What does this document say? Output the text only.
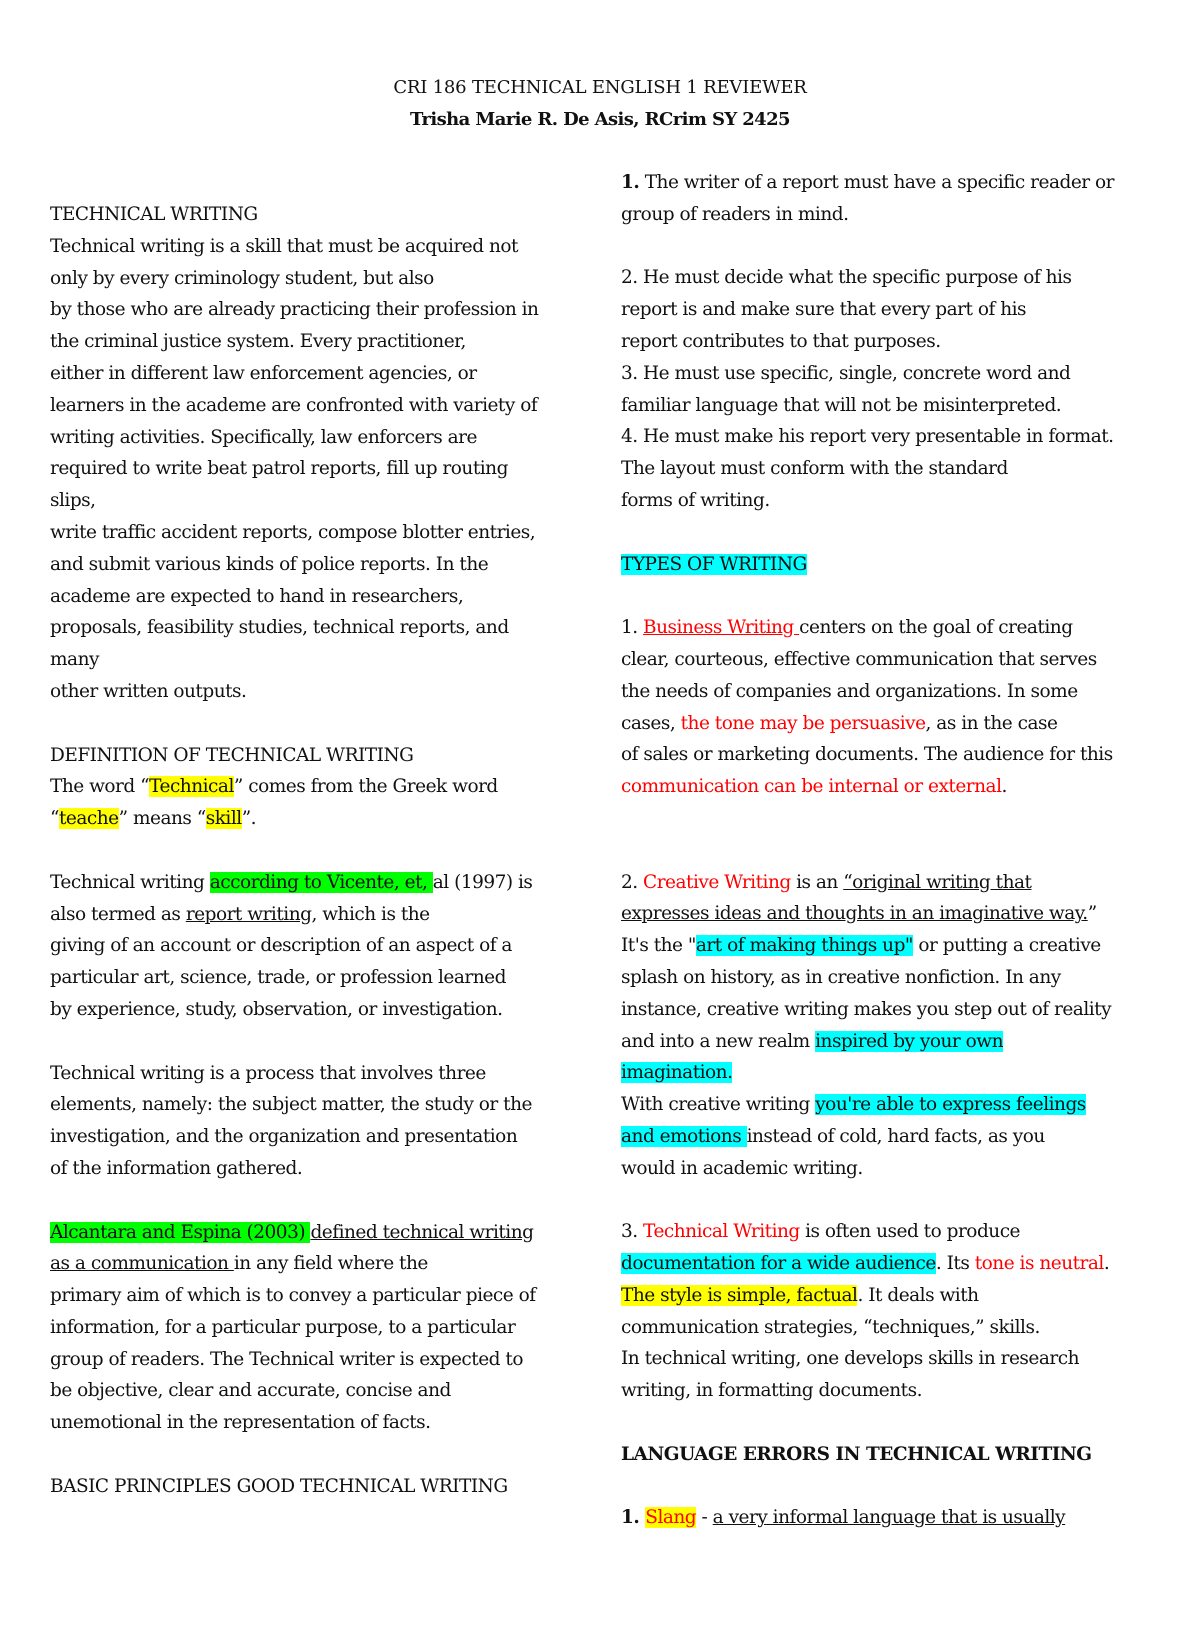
CRI 186 TECHNICAL ENGLISH 1 REVIEWER
Trisha Marie R. De Asis, RCrim SY 2425
TECHNICAL WRITING
Technical writing is a skill that must be acquired not
only by every criminology student, but also
by those who are already practicing their profession in
the criminal justice system. Every practitioner,
either in different law enforcement agencies, or
learners in the academe are confronted with variety of
writing activities. Specifically, law enforcers are
required to write beat patrol reports, fill up routing
slips,
write traffic accident reports, compose blotter entries,
and submit various kinds of police reports. In the
academe are expected to hand in researchers,
proposals, feasibility studies, technical reports, and
many
other written outputs.
DEFINITION OF TECHNICAL WRITING
The word “Technical” comes from the Greek word
“teache” means “skill”.
Technical writing according to Vicente, et, al (1997) is
also termed as report writing, which is the
giving of an account or description of an aspect of a
particular art, science, trade, or profession learned
by experience, study, observation, or investigation.
Technical writing is a process that involves three
elements, namely: the subject matter, the study or the
investigation, and the organization and presentation
of the information gathered.
Alcantara and Espina (2003) defined technical writing
as a communication in any field where the
primary aim of which is to convey a particular piece of
information, for a particular purpose, to a particular
group of readers. The Technical writer is expected to
be objective, clear and accurate, concise and
unemotional in the representation of facts.
BASIC PRINCIPLES GOOD TECHNICAL WRITING
1. The writer of a report must have a specific reader or
group of readers in mind.
2. He must decide what the specific purpose of his
report is and make sure that every part of his
report contributes to that purposes.
3. He must use specific, single, concrete word and
familiar language that will not be misinterpreted.
4. He must make his report very presentable in format.
The layout must conform with the standard
forms of writing.
TYPES OF WRITING
1. Business Writing centers on the goal of creating
clear, courteous, effective communication that serves
the needs of companies and organizations. In some
cases, the tone may be persuasive, as in the case
of sales or marketing documents. The audience for this
communication can be internal or external.
2. Creative Writing is an “original writing that
expresses ideas and thoughts in an imaginative way.”
It's the "art of making things up" or putting a creative
splash on history, as in creative nonfiction. In any
instance, creative writing makes you step out of reality
and into a new realm inspired by your own
imagination.
With creative writing you're able to express feelings
and emotions instead of cold, hard facts, as you
would in academic writing.
3. Technical Writing is often used to produce
documentation for a wide audience. Its tone is neutral.
The style is simple, factual. It deals with
communication strategies, “techniques,” skills.
In technical writing, one develops skills in research
writing, in formatting documents.
LANGUAGE ERRORS IN TECHNICAL WRITING
1. Slang - a very informal language that is usually
